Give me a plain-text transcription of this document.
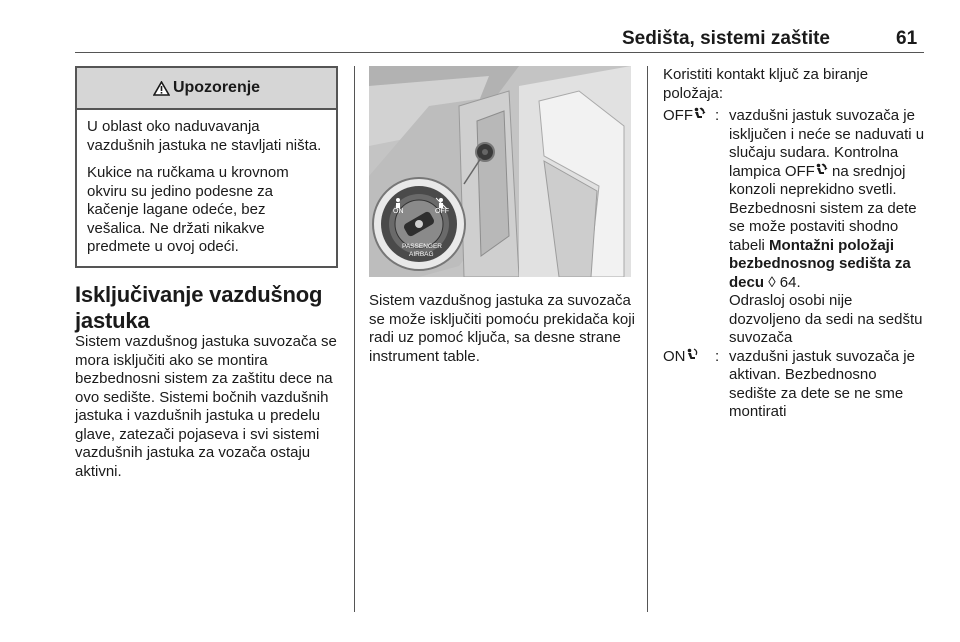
Sedišta, sistemi zaštite	61
Upozorenje

U oblast oko naduvavanja vazdušnih jastuka ne stavljati ništa.

Kukice na ručkama u krovnom okviru su jedino podesne za kačenje lagane odeće, bez vešalica. Ne držati nikakve predmete u ovoj odeći.

Isključivanje vazdušnog jastuka
Sistem vazdušnog jastuka suvozača se mora isključiti ako se montira bezbednosni sistem za zaštitu dece na ovo sedište. Sistemi bočnih vazdušnih jastuka i vazdušnih jastuka u predelu glave, zatezači pojaseva i svi sistemi vazdušnih jastuka za vozača ostaju aktivni.
ON	OFF
PASSENGER
AIRBAG
Sistem vazdušnog jastuka za suvozača se može isključiti pomoću prekidača koji radi uz pomoć ključa, sa desne strane instrument table.

Koristiti kontakt ključ za biranje položaja:

OFF	: vazdušni jastuk suvozača je isključen i neće se naduvati u slučaju sudara. Kontrolna lampica OFF na srednjoj konzoli neprekidno svetli. Bezbednosni sistem za dete se može postaviti shodno tabeli Montažni položaji bezbednosnog sedišta za decu ◊ 64.
Odrasloj osobi nije dozvoljeno da sedi na sedštu suvozača
ON	: vazdušni jastuk suvozača je aktivan. Bezbednosno sedište za dete se ne sme montirati
